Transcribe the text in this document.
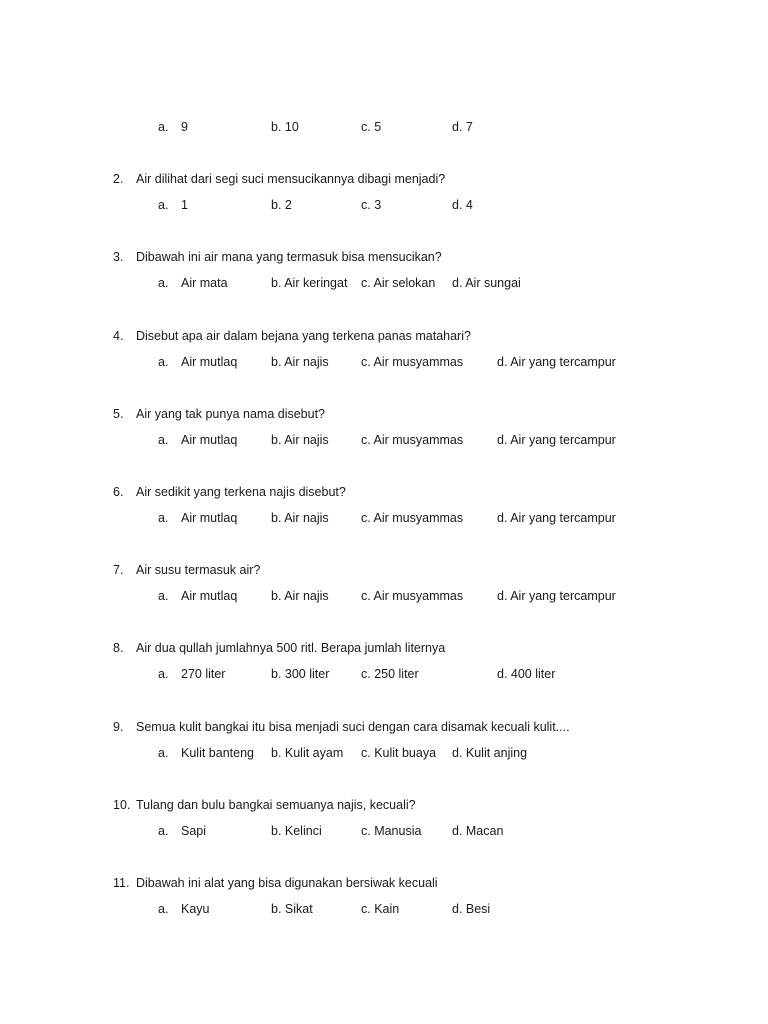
a. 9	b. 10	c. 5	d. 7
2. Air dilihat dari segi suci mensucikannya dibagi menjadi?
a. 1	b. 2	c. 3	d. 4
3. Dibawah ini air mana yang termasuk bisa mensucikan?
a. Air mata	b. Air keringat c. Air selokan d. Air sungai
4. Disebut apa air dalam bejana yang terkena panas matahari?
a. Air mutlaq	b. Air najis	c. Air musyammas	d. Air yang tercampur
5. Air yang tak punya nama disebut?
a. Air mutlaq	b. Air najis	c. Air musyammas	d. Air yang tercampur
6. Air sedikit yang terkena najis disebut?
a. Air mutlaq	b. Air najis	c. Air musyammas	d. Air yang tercampur
7. Air susu termasuk air?
a. Air mutlaq	b. Air najis	c. Air musyammas	d. Air yang tercampur
8. Air dua qullah jumlahnya 500 ritl. Berapa jumlah liternya
a. 270 liter	b. 300 liter	c. 250 liter	d. 400 liter
9. Semua kulit bangkai itu bisa menjadi suci dengan cara disamak kecuali kulit....
a. Kulit banteng b. Kulit ayam c. Kulit buaya d. Kulit anjing
10. Tulang dan bulu bangkai semuanya najis, kecuali?
a. Sapi	b. Kelinci	c. Manusia d. Macan
11. Dibawah ini alat yang bisa digunakan bersiwak kecuali
a. Kayu	b. Sikat	c. Kain	d. Besi
